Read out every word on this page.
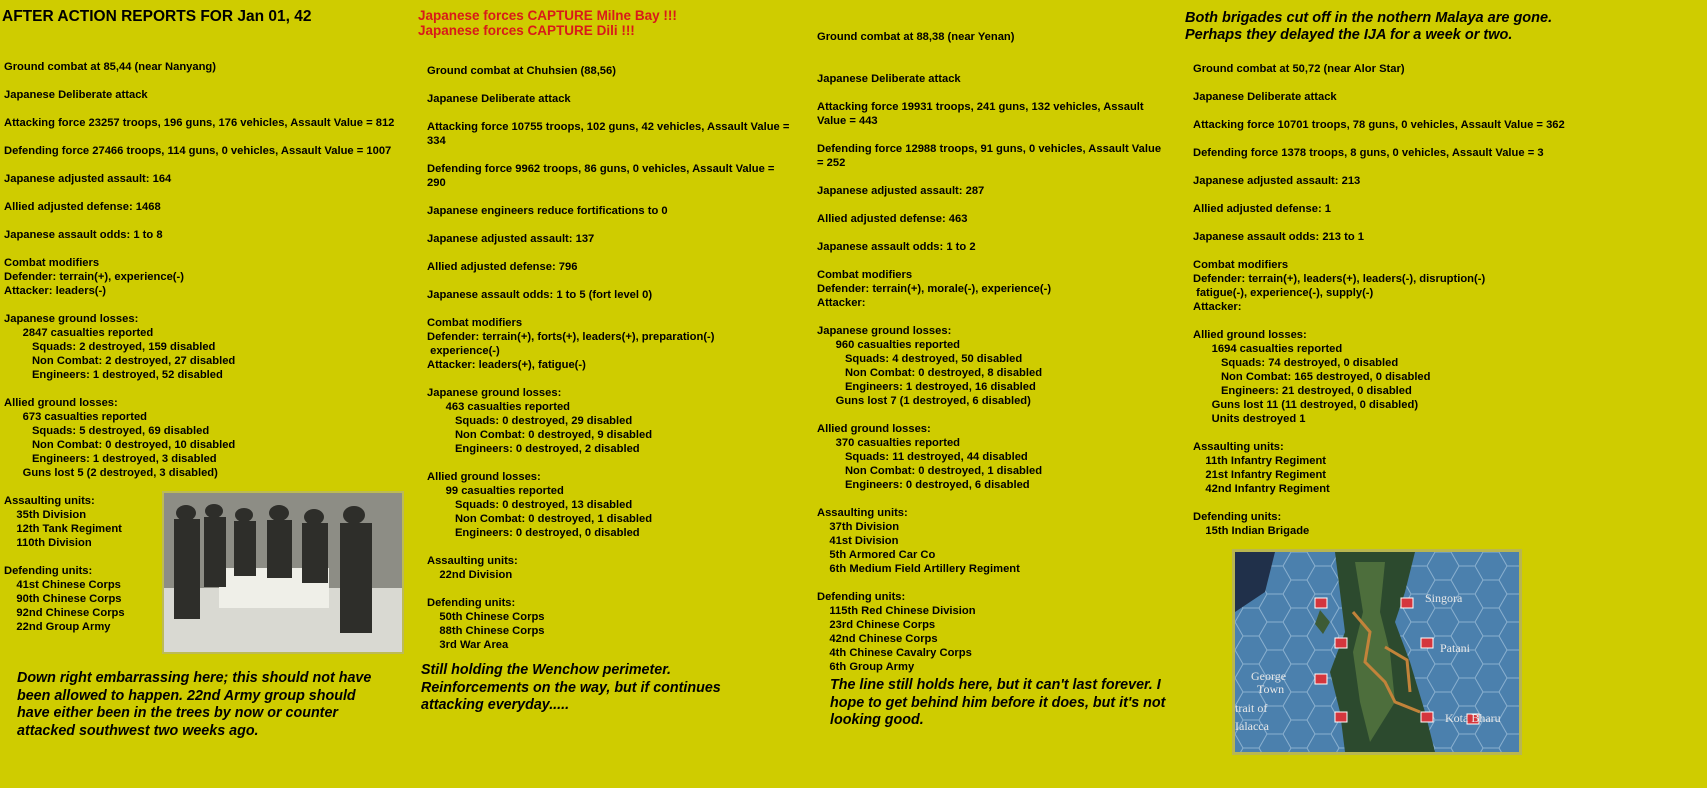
AFTER ACTION REPORTS FOR Jan 01, 42	Japanese forces CAPTURE Milne Bay !!!
Japanese forces CAPTURE Dili !!!
Both brigades cut off in the nothern Malaya are gone.
Perhaps they delayed the IJA for a week or two.
Ground combat at 85,44 (near Nanyang)
Japanese Deliberate attack
Attacking force 23257 troops, 196 guns, 176 vehicles, Assault Value = 812
Defending force 27466 troops, 114 guns, 0 vehicles, Assault Value = 1007
Japanese adjusted assault: 164
Allied adjusted defense: 1468
Japanese assault odds: 1 to 8
Combat modifiers
Defender: terrain(+), experience(-)
Attacker: leaders(-)
Japanese ground losses:
2847 casualties reported
Squads: 2 destroyed, 159 disabled
Non Combat: 2 destroyed, 27 disabled
Engineers: 1 destroyed, 52 disabled
Allied ground losses:
673 casualties reported
Squads: 5 destroyed, 69 disabled
Non Combat: 0 destroyed, 10 disabled
Engineers: 1 destroyed, 3 disabled
Guns lost 5 (2 destroyed, 3 disabled)
Assaulting units:
35th Division
12th Tank Regiment
110th Division
Defending units:
41st Chinese Corps
90th Chinese Corps
92nd Chinese Corps
22nd Group Army
Ground combat at Chuhsien (88,56)
Japanese Deliberate attack
Attacking force 10755 troops, 102 guns, 42 vehicles, Assault Value =
334
Defending force 9962 troops, 86 guns, 0 vehicles, Assault Value =
290
Japanese engineers reduce fortifications to 0
Japanese adjusted assault: 137
Allied adjusted defense: 796
Japanese assault odds: 1 to 5 (fort level 0)
Combat modifiers
Defender: terrain(+), forts(+), leaders(+), preparation(-)
experience(-)
Attacker: leaders(+), fatigue(-)
Japanese ground losses:
463 casualties reported
Squads: 0 destroyed, 29 disabled
Non Combat: 0 destroyed, 9 disabled
Engineers: 0 destroyed, 2 disabled
Allied ground losses:
99 casualties reported
Squads: 0 destroyed, 13 disabled
Non Combat: 0 destroyed, 1 disabled
Engineers: 0 destroyed, 0 disabled
Assaulting units:
22nd Division
Defending units:
50th Chinese Corps
88th Chinese Corps
3rd War Area
Ground combat at 88,38 (near Yenan)
Japanese Deliberate attack
Attacking force 19931 troops, 241 guns, 132 vehicles, Assault
Value = 443
Defending force 12988 troops, 91 guns, 0 vehicles, Assault Value
= 252
Japanese adjusted assault: 287
Allied adjusted defense: 463
Japanese assault odds: 1 to 2
Combat modifiers
Defender: terrain(+), morale(-), experience(-)
Attacker:
Japanese ground losses:
960 casualties reported
Squads: 4 destroyed, 50 disabled
Non Combat: 0 destroyed, 8 disabled
Engineers: 1 destroyed, 16 disabled
Guns lost 7 (1 destroyed, 6 disabled)
Allied ground losses:
370 casualties reported
Squads: 11 destroyed, 44 disabled
Non Combat: 0 destroyed, 1 disabled
Engineers: 0 destroyed, 6 disabled
Assaulting units:
37th Division
41st Division
5th Armored Car Co
6th Medium Field Artillery Regiment
Defending units:
115th Red Chinese Division
23rd Chinese Corps
42nd Chinese Corps
4th Chinese Cavalry Corps
6th Group Army
Ground combat at 50,72 (near Alor Star)
Japanese Deliberate attack
Attacking force 10701 troops, 78 guns, 0 vehicles, Assault Value = 362
Defending force 1378 troops, 8 guns, 0 vehicles, Assault Value = 3
Japanese adjusted assault: 213
Allied adjusted defense: 1
Japanese assault odds: 213 to 1
Combat modifiers
Defender: terrain(+), leaders(+), leaders(-), disruption(-)
fatigue(-), experience(-), supply(-)
Attacker:
Allied ground losses:
1694 casualties reported
Squads: 74 destroyed, 0 disabled
Non Combat: 165 destroyed, 0 disabled
Engineers: 21 destroyed, 0 disabled
Guns lost 11 (11 destroyed, 0 disabled)
Units destroyed 1
Assaulting units:
11th Infantry Regiment
21st Infantry Regiment
42nd Infantry Regiment
Defending units:
15th Indian Brigade
Singora
Patani
George
Town
trait of
Ialacca
Kota Bharu
Down right embarrassing here; this should not have
been allowed to happen. 22nd Army group should
have either been in the trees by now or counter
attacked southwest two weeks ago.
Still holding the Wenchow perimeter.
Reinforcements on the way, but if continues
attacking everyday.....
The line still holds here, but it can't last forever. I
hope to get behind him before it does, but it's not
looking good.
